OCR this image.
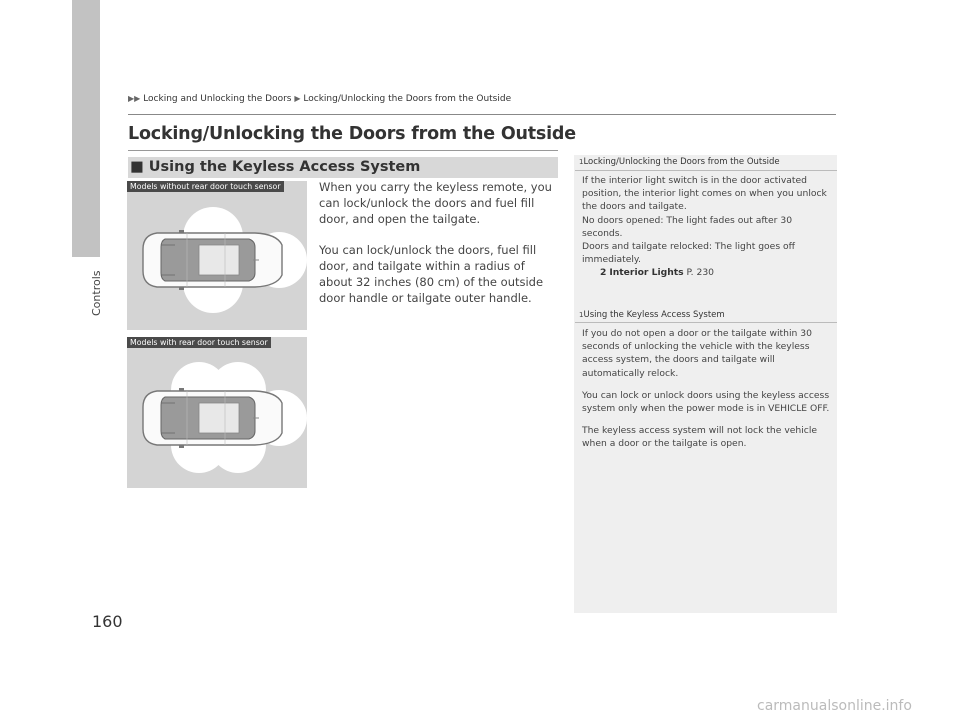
Controls
▶▶ Locking and Unlocking the Doors ▶ Locking/Unlocking the Doors from the Outside
Locking/Unlocking the Doors from the Outside
■ Using the Keyless Access System

When you carry the keyless remote, you can lock/unlock the doors and fuel fill door, and open the tailgate.

You can lock/unlock the doors, fuel fill door, and tailgate within a radius of about 32 inches (80 cm) of the outside door handle or tailgate outer handle.

Models without rear door touch sensor
Models with rear door touch sensor
160
1Locking/Unlocking the Doors from the Outside

If the interior light switch is in the door activated position, the interior light comes on when you unlock the doors and tailgate.

No doors opened: The light fades out after 30 seconds.

Doors and tailgate relocked: The light goes off immediately.

2 Interior Lights P. 230
1Using the Keyless Access System

If you do not open a door or the tailgate within 30 seconds of unlocking the vehicle with the keyless access system, the doors and tailgate will automatically relock.

You can lock or unlock doors using the keyless access system only when the power mode is in VEHICLE OFF.

The keyless access system will not lock the vehicle when a door or the tailgate is open.

carmanualsonline.info
